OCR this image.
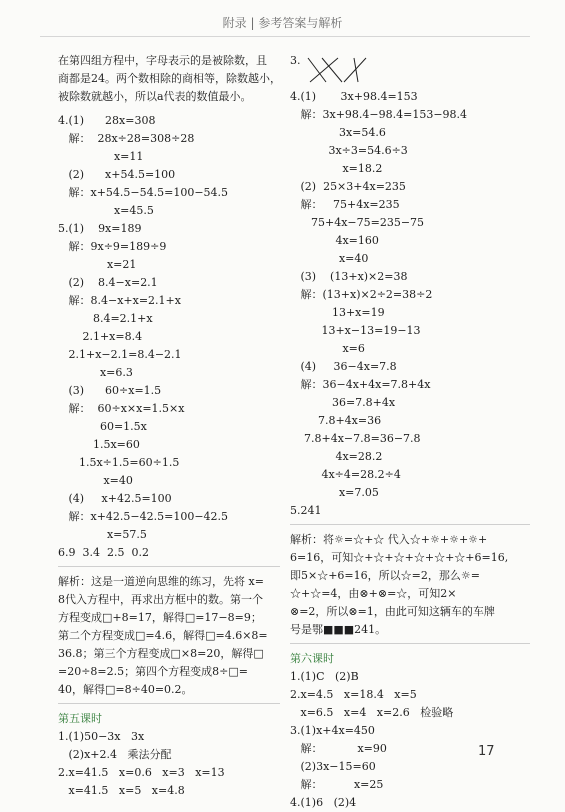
附录 | 参考答案与解析
在第四组方程中，字母表示的是被除数，且
商都是24。两个数相除的商相等，除数越小，
被除数就越小，所以a代表的数值最小。
4.(1)      28x=308
解：  28x÷28=308÷28
x=11
(2)      x+54.5=100
解：x+54.5−54.5=100−54.5
x=45.5
5.(1)    9x=189
解：9x÷9=189÷9
x=21
(2)    8.4−x=2.1
解：8.4−x+x=2.1+x
8.4=2.1+x
2.1+x=8.4
2.1+x−2.1=8.4−2.1
x=6.3
(3)      60÷x=1.5
解：  60÷x×x=1.5×x
60=1.5x
1.5x=60
1.5x÷1.5=60÷1.5
x=40
(4)     x+42.5=100
解：x+42.5−42.5=100−42.5
x=57.5
6.9  3.4  2.5  0.2
解析：这是一道逆向思维的练习，先将 x=
8代入方程中，再求出方框中的数。第一个
方程变成□+8=17，解得□=17−8=9；
第二个方程变成□=4.6，解得□=4.6×8=
36.8；第三个方程变成□×8=20，解得□
=20÷8=2.5；第四个方程变成8÷□=
40，解得□=8÷40=0.2。
第五课时
1.(1)50−3x   3x
(2)x+2.4   乘法分配
2.x=41.5   x=0.6   x=3   x=13
x=41.5   x=5   x=4.8
3.
4.(1)       3x+98.4=153
解：3x+98.4−98.4=153−98.4
3x=54.6
3x÷3=54.6÷3
x=18.2
(2)  25×3+4x=235
解：   75+4x=235
75+4x−75=235−75
4x=160
x=40
(3)    (13+x)×2=38
解：(13+x)×2÷2=38÷2
13+x=19
13+x−13=19−13
x=6
(4)     36−4x=7.8
解：36−4x+4x=7.8+4x
36=7.8+4x
7.8+4x=36
7.8+4x−7.8=36−7.8
4x=28.2
4x÷4=28.2÷4
x=7.05
5.241
解析：将☼=☆+☆ 代入☆+☼+☼+☼+
6=16，可知☆+☆+☆+☆+☆+☆+6=16,
即5×☆+6=16，所以☆=2，那么☼=
☆+☆=4，由⊗+⊗=☆，可知2×
⊗=2，所以⊗=1，由此可知这辆车的车牌
号是鄂■■■241。
第六课时
1.(1)C   (2)B
2.x=4.5   x=18.4   x=5
x=6.5   x=4   x=2.6   检验略
3.(1)x+4x=450
解：          x=90
(2)3x−15=60
解：         x=25
4.(1)6   (2)4
17
